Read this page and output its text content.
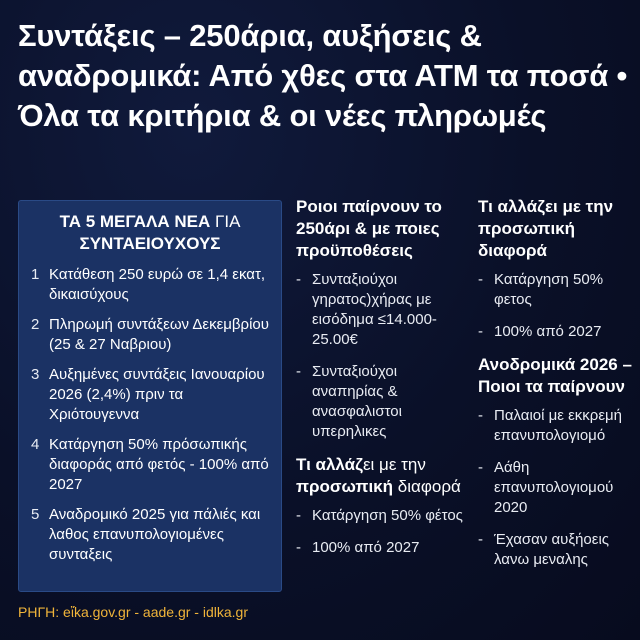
Συντάξεις – 250άρια, αυξήσεις & αναδρομικά: Από χθες στα ΑΤΜ τα ποσά • Όλα τα κριτήρια & οι νέες πληρωμές
ΤΑ 5 ΜΕΓΑΛΑ ΝΕΑ ΓΙΑ
ΣΥΝΤΑΕΙΟΥΧΟΥΣ
1 Κατάθεση 250 ευρώ σε 1,4 εκατ, δικαισύχους
2 Πληρωμή συντάξεων Δεκεμβρίου (25 & 27 Ναβριου)
3 Αυξημένες συντάξεις Ιανουαρίου 2026 (2,4%) πριν τα Χριότουγεννα
4 Κατάργηση 50% πρόσωπικής διαφοράς από φετός - 100% από 2027
5 Αναδρομικό 2025 για πάλιές και λαθος επανυπολογιομένες συνταξεις
Ροιοι παίρνουν το 250άρι & με ποιες προϋποθέσεις
- Συνταξιούχοι γηρατος)χήρας με εισόδημα ≤14.000- 25.00€
- Συνταξιούχοι αναπηρίας & ανασφαλιστοι υπερηλικες
Τι αλλάζει με την
προσωπική διαφορά
- Κατάργηση 50% φέτος
- 100% από 2027
Τι αλλάζει με την προσωπική διαφορά
- Κατάργηση 50% φετος
- 100% από 2027
Ανοδρομικά 2026 – Ποιοι τα παίρνουν
- Παλαιοί με εκκρεμή επανυπολογιομό
- Αάθη επανυπολογιομού 2020
- Έχασαν αυξήοεις λανω μεναλης
ΡΗΓΗ: eἴka.gov.gr - aade.gr - idlka.gr
